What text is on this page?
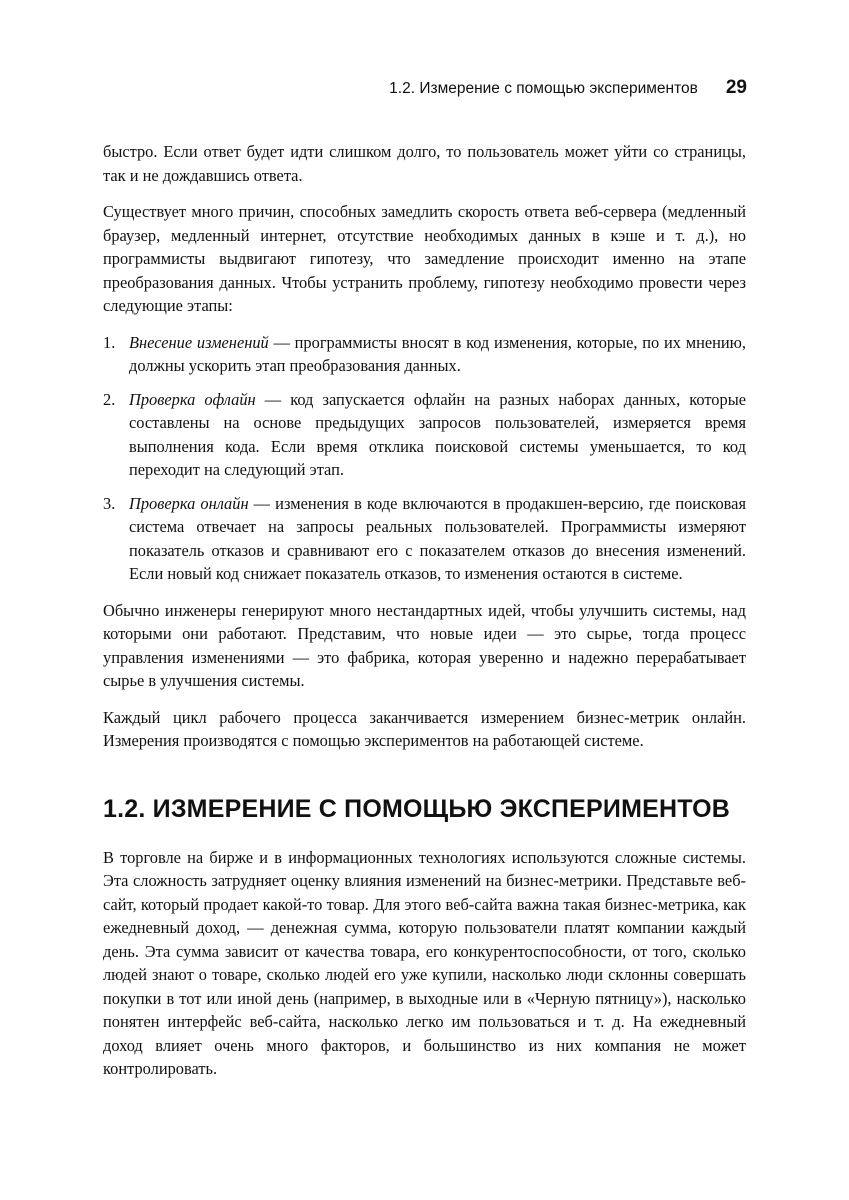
1.2. Измерение с помощью экспериментов 29

быстро. Если ответ будет идти слишком долго, то пользователь может уйти со страницы, так и не дождавшись ответа.

Существует много причин, способных замедлить скорость ответа веб-сервера (медленный браузер, медленный интернет, отсутствие необходимых данных в кэше и т. д.), но программисты выдвигают гипотезу, что замедление происходит именно на этапе преобразования данных. Чтобы устранить проблему, гипотезу необходимо провести через следующие этапы:

1. Внесение изменений — программисты вносят в код изменения, которые, по их мнению, должны ускорить этап преобразования данных.
2. Проверка офлайн — код запускается офлайн на разных наборах данных, которые составлены на основе предыдущих запросов пользователей, измеряется время выполнения кода. Если время отклика поисковой системы уменьшается, то код переходит на следующий этап.
3. Проверка онлайн — изменения в коде включаются в продакшен-версию, где поисковая система отвечает на запросы реальных пользователей. Программисты измеряют показатель отказов и сравнивают его с показателем отказов до внесения изменений. Если новый код снижает показатель отказов, то изменения остаются в системе.

Обычно инженеры генерируют много нестандартных идей, чтобы улучшить системы, над которыми они работают. Представим, что новые идеи — это сырье, тогда процесс управления изменениями — это фабрика, которая уверенно и надежно перерабатывает сырье в улучшения системы.

Каждый цикл рабочего процесса заканчивается измерением бизнес-метрик онлайн. Измерения производятся с помощью экспериментов на работающей системе.

1.2. ИЗМЕРЕНИЕ С ПОМОЩЬЮ ЭКСПЕРИМЕНТОВ

В торговле на бирже и в информационных технологиях используются сложные системы. Эта сложность затрудняет оценку влияния изменений на бизнес-метрики. Представьте веб-сайт, который продает какой-то товар. Для этого веб-сайта важна такая бизнес-метрика, как ежедневный доход, — денежная сумма, которую пользователи платят компании каждый день. Эта сумма зависит от качества товара, его конкурентоспособности, от того, сколько людей знают о товаре, сколько людей его уже купили, насколько люди склонны совершать покупки в тот или иной день (например, в выходные или в «Черную пятницу»), насколько понятен интерфейс веб-сайта, насколько легко им пользоваться и т. д. На ежедневный доход влияет очень много факторов, и большинство из них компания не может контролировать.
